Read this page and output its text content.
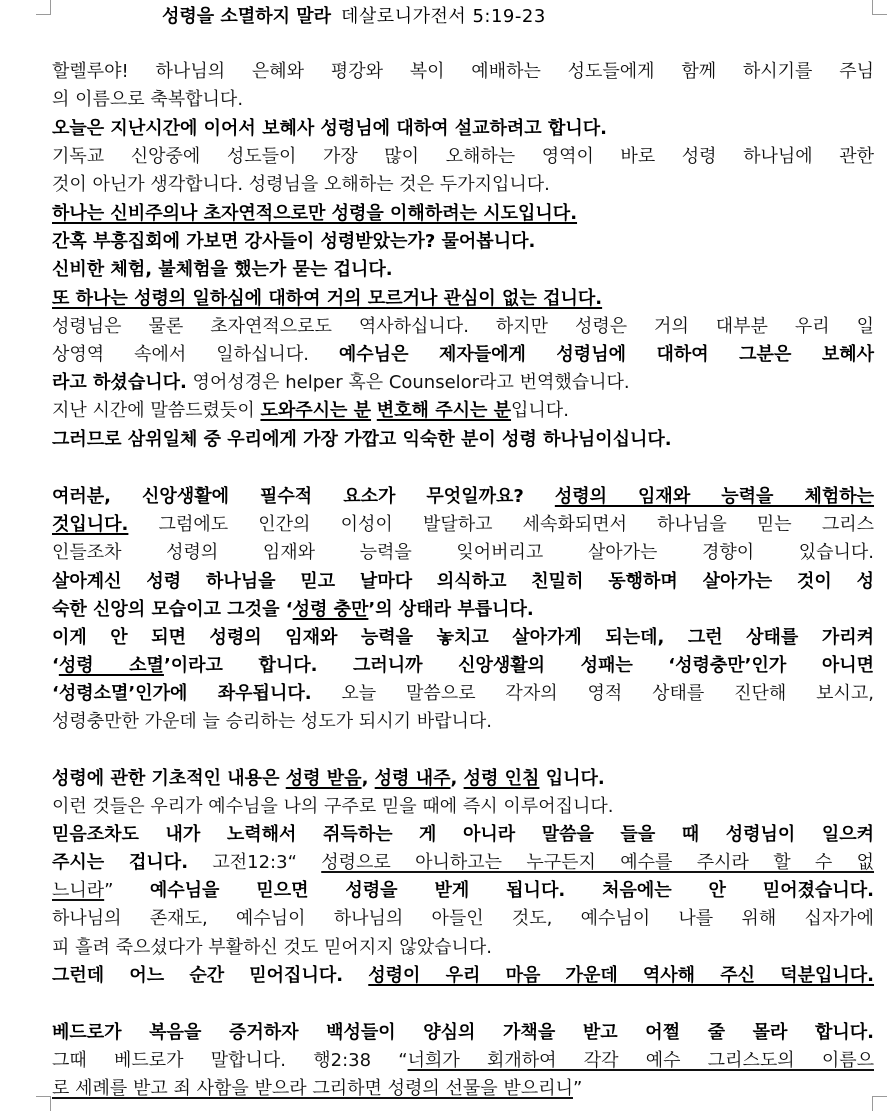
성령을 소멸하지 말라 데살로니가전서 5:19-23
할렐루야! 하나님의 은혜와 평강와 복이 예배하는 성도들에게 함께 하시기를 주님
의 이름으로 축복합니다.
오늘은 지난시간에 이어서 보혜사 성령님에 대하여 설교하려고 합니다.
기독교 신앙중에 성도들이 가장 많이 오해하는 영역이 바로 성령 하나님에 관한
것이 아닌가 생각합니다. 성령님을 오해하는 것은 두가지입니다.
하나는 신비주의나 초자연적으로만 성령을 이해하려는 시도입니다.
간혹 부흥집회에 가보면 강사들이 성령받았는가? 물어봅니다.
신비한 체험, 불체험을 했는가 묻는 겁니다.
또 하나는 성령의 일하심에 대하여 거의 모르거나 관심이 없는 겁니다.
성령님은 물론 초자연적으로도 역사하십니다. 하지만 성령은 거의 대부분 우리 일
상영역 속에서 일하십니다. 예수님은 제자들에게 성령님에 대하여 그분은 보혜사
라고 하셨습니다. 영어성경은 helper 혹은 Counselor라고 번역했습니다.
지난 시간에 말씀드렸듯이 도와주시는 분 변호해 주시는 분입니다.
그러므로 삼위일체 중 우리에게 가장 가깝고 익숙한 분이 성령 하나님이십니다.
여러분, 신앙생활에 필수적 요소가 무엇일까요? 성령의 임재와 능력을 체험하는
것입니다. 그럼에도 인간의 이성이 발달하고 세속화되면서 하나님을 믿는 그리스
인들조차 성령의 임재와 능력을 잊어버리고 살아가는 경향이 있습니다.
살아계신 성령 하나님을 믿고 날마다 의식하고 친밀히 동행하며 살아가는 것이 성
숙한 신앙의 모습이고 그것을 ‘성령 충만’의 상태라 부릅니다.
이게 안 되면 성령의 임재와 능력을 놓치고 살아가게 되는데, 그런 상태를 가리켜
‘성령 소멸’이라고 합니다. 그러니까 신앙생활의 성패는 ‘성령충만’인가 아니면
‘성령소멸’인가에 좌우됩니다. 오늘 말씀으로 각자의 영적 상태를 진단해 보시고,
성령충만한 가운데 늘 승리하는 성도가 되시기 바랍니다.
성령에 관한 기초적인 내용은 성령 받음, 성령 내주, 성령 인침 입니다.
이런 것들은 우리가 예수님을 나의 구주로 믿을 때에 즉시 이루어집니다.
믿음조차도 내가 노력해서 쥐득하는 게 아니라 말씀을 들을 때 성령님이 일으켜
주시는 겁니다. 고전12:3“ 성령으로 아니하고는 누구든지 예수를 주시라 할 수 없
느니라” 예수님을 믿으면 성령을 받게 됩니다. 처음에는 안 믿어졌습니다.
하나님의 존재도, 예수님이 하나님의 아들인 것도, 예수님이 나를 위해 십자가에
피 흘려 죽으셨다가 부활하신 것도 믿어지지 않았습니다.
그런데 어느 순간 믿어집니다. 성령이 우리 마음 가운데 역사해 주신 덕분입니다.
베드로가 복음을 증거하자 백성들이 양심의 가책을 받고 어쩔 줄 몰라 합니다.
그때 베드로가 말합니다. 행2:38 “너희가 회개하여 각각 예수 그리스도의 이름으
로 세례를 받고 죄 사함을 받으라 그리하면 성령의 선물을 받으리니”
